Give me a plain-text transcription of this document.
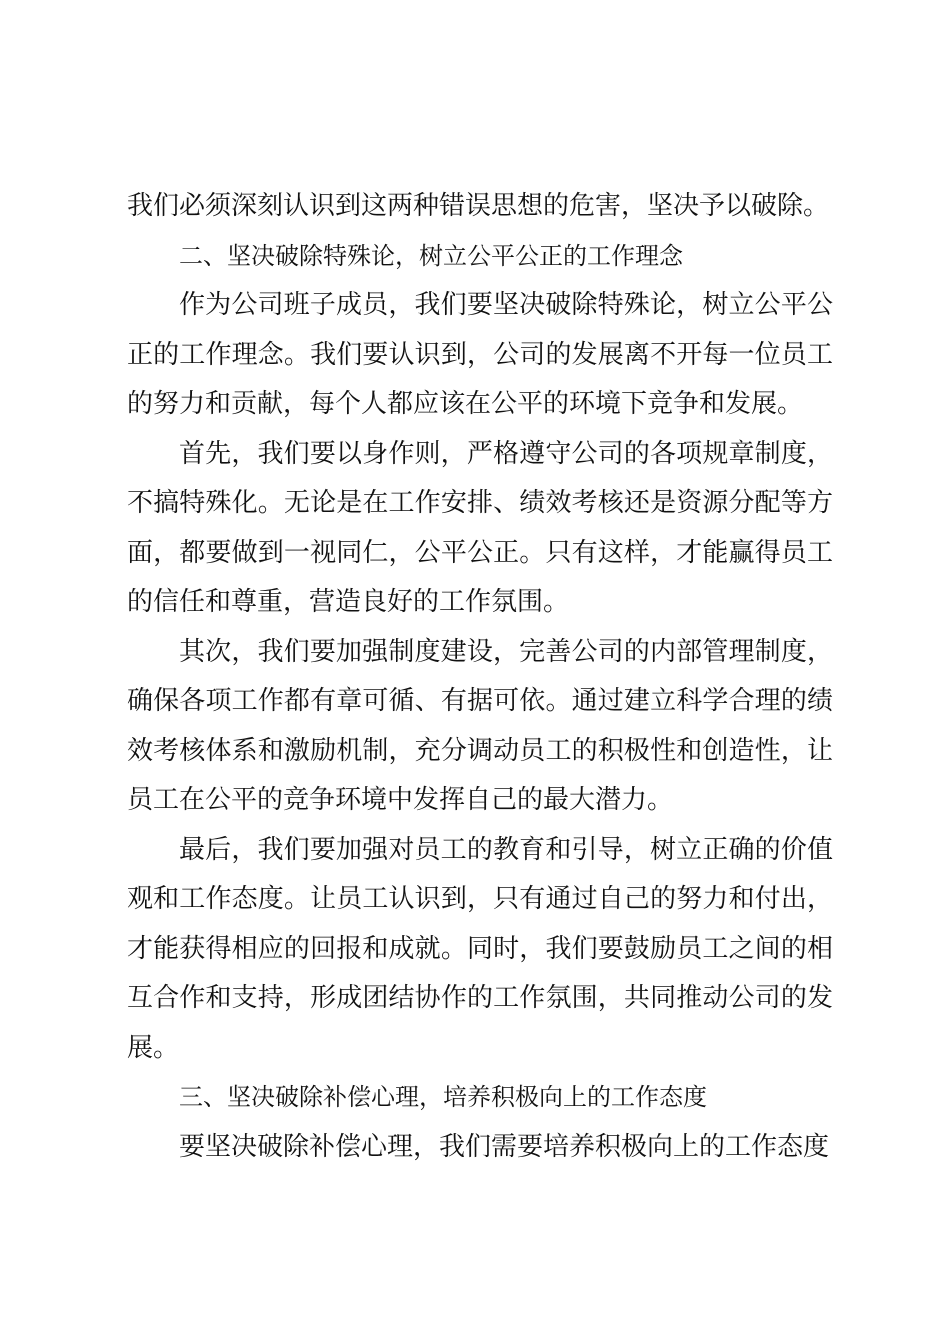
我们必须深刻认识到这两种错误思想的危害，坚决予以破除。

二、坚决破除特殊论，树立公平公正的工作理念

作为公司班子成员，我们要坚决破除特殊论，树立公平公正的工作理念。我们要认识到，公司的发展离不开每一位员工的努力和贡献，每个人都应该在公平的环境下竞争和发展。

首先，我们要以身作则，严格遵守公司的各项规章制度，不搞特殊化。无论是在工作安排、绩效考核还是资源分配等方面，都要做到一视同仁，公平公正。只有这样，才能赢得员工的信任和尊重，营造良好的工作氛围。

其次，我们要加强制度建设，完善公司的内部管理制度，确保各项工作都有章可循、有据可依。通过建立科学合理的绩效考核体系和激励机制，充分调动员工的积极性和创造性，让员工在公平的竞争环境中发挥自己的最大潜力。

最后，我们要加强对员工的教育和引导，树立正确的价值观和工作态度。让员工认识到，只有通过自己的努力和付出，才能获得相应的回报和成就。同时，我们要鼓励员工之间的相互合作和支持，形成团结协作的工作氛围，共同推动公司的发展。

三、坚决破除补偿心理，培养积极向上的工作态度

要坚决破除补偿心理，我们需要培养积极向上的工作态度
